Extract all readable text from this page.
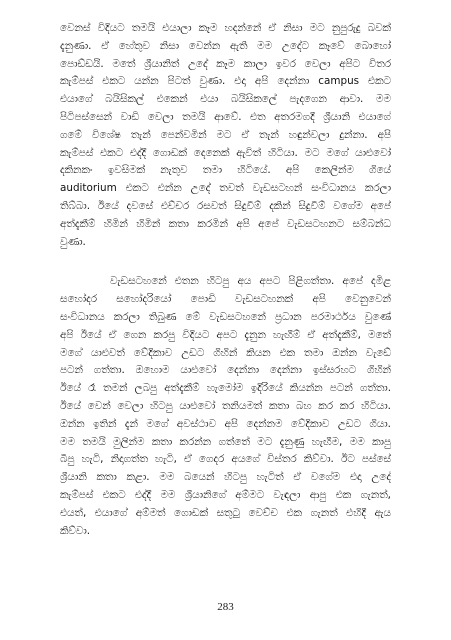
වෙනස් විදියට තමයි එයාලා කෑම හදන්නේ ඒ නිසා මට නුපුරුදු බවක්
දැනුණා. ඒ හේතුව නිසා වෙන්න ඇති මම උදේට කෑවේ බොහෝ
පොඩ්ඩයි. මතේ ශ්‍රීයානිත් උදේ කෑම කාලා ඉවර වෙලා අපිට විතර
කැම්පස් එකට යන්න පිටත් වුණා. එදා අපි දෙන්නා campus එකට
එයාගේ බයිසිකල් එකෙන් එයා බයිසිකලේ පැදගෙන ආවා. මම
පිටිපස්සෙන් වාඩි වෙලා තමයි ආවේ. එත අතරමගදී ශ්‍රීයානි එයාගේ
ගමේ විශේෂ තැන් පෙන්වමින් මට ඒ තැන් හඳුන්වලා දුන්නා. අපි
කැම්පස් එකට එද්දී ගොඩක් දෙනෙක් ඇවිත් හිටියා. මට මගේ යාළුවෝ
දකිනකං ඉවසිමක් නැතුව තමා හිටියේ. අපි කෙලින්ම ගියේ
auditorium එකට එන්න උදේ තවත් වැඩසටහන් සංවිධානය කරලා
තිබ්බා. ඊයේ දවසේ එච්චර රසවත් සිදුවීම් දකින් සිදුවීම් වගේම අපේ
අත්දැකීම් හිමින් හිමින් කතා කරමින් අපි අපේ වැඩසටහනට සම්බන්ධ
වුණා.
වැඩසටහනේ එතන හිටපු අය අපට පිළිගත්තා. අපේ දමිළ
සහෝදර සහෝදරියෝ පොඩි වැඩසටහනක් අපි වෙනුවෙන්
සංවිධානය කරලා තිබුණ මේ වැඩසටහනේ ප්‍රධාන පරමාර්ථය වුණේ
අපි ඊයේ ඒ ගෙන කරපු විදියට අපට දැනුන හැඟීම් ඒ අත්දැකීම්, මතේ
මගේ යාළුවත් වේදිකාව උඩට ගිහින් කියන එක තමා ඔන්න වැඩේ
පටන් ගත්තා. ඔහොම යාළුවෝ දෙන්නා දෙන්නා ඉස්සරහට ගිහින්
ඊයේ රෑ තමන් ලබපු අත්දැකීම් හැමෝම ඉදිරියේ කියන්න පටන් ගත්තා.
ඊයේ වෙන් වෙලා හිටපු යාළුවෝ තනියමත් කතා බහ කර කර හිටියා.
ඔන්න ඉතින් දැන් මගේ අවස්ථාව අපි දෙන්නම වේදිකාව උඩට ගියා.
මම තමයි මුලින්ම කතා කරන්න ගත්තේ මට දැනුණු හැඟීම, මම කාපු
බීපු හැටි, නිදාගත්ත හැටි, ඒ ගෙදර අයගේ විස්තර කිව්වා. ඊට පස්සේ
ශ්‍රීයානි කතා කළා. මම බයෙන් හිටපු හැටිත් ඒ වගේම එදා උදේ
කැම්පස් එකට එද්දී මම ශ්‍රීයානිගේ අම්මට වැඳලා ආපු එක ගැනත්,
එයත්, එයාගේ අම්මත් ගොඩක් සතුටු වෙච්ච එක ගැනත් එහිදී ඇය
කිව්වා.
283
